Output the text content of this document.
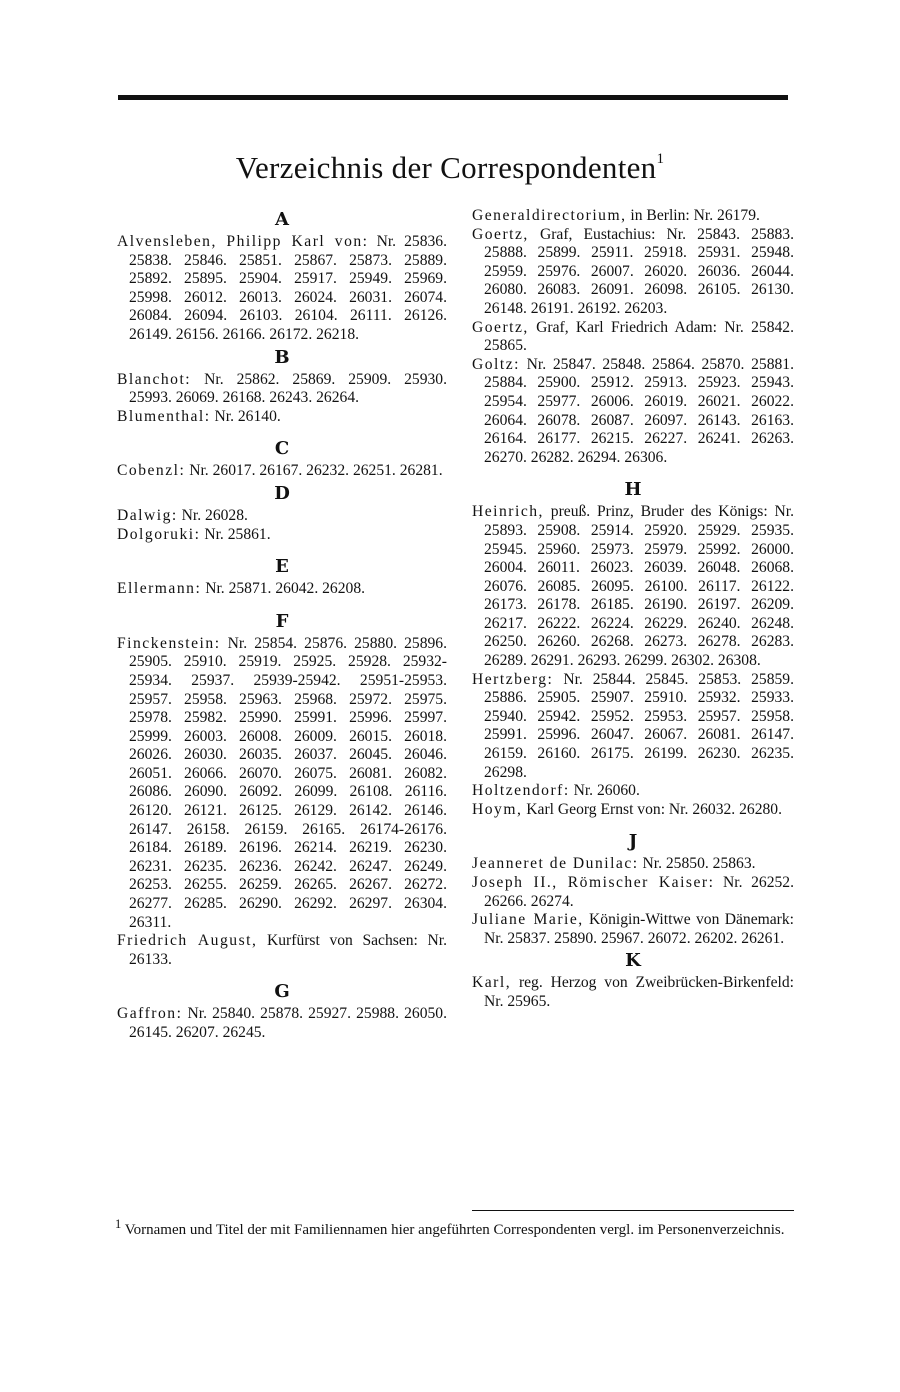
Verzeichnis der Correspondenten$^1$
A
Alvensleben, Philipp Karl von: Nr. 25836. 25838. 25846. 25851. 25867. 25873. 25889. 25892. 25895. 25904. 25917. 25949. 25969. 25998. 26012. 26013. 26024. 26031. 26074. 26084. 26094. 26103. 26104. 26111. 26126. 26149. 26156. 26166. 26172. 26218.
B
Blanchot: Nr. 25862. 25869. 25909. 25930. 25993. 26069. 26168. 26243. 26264.
Blumenthal: Nr. 26140.
C
Cobenzl: Nr. 26017. 26167. 26232. 26251. 26281.
D
Dalwig: Nr. 26028.
Dolgoruki: Nr. 25861.
E
Ellermann: Nr. 25871. 26042. 26208.
F
Finckenstein: Nr. 25854. 25876. 25880. 25896. 25905. 25910. 25919. 25925. 25928. 25932-25934. 25937. 25939-25942. 25951-25953. 25957. 25958. 25963. 25968. 25972. 25975. 25978. 25982. 25990. 25991. 25996. 25997. 25999. 26003. 26008. 26009. 26015. 26018. 26026. 26030. 26035. 26037. 26045. 26046. 26051. 26066. 26070. 26075. 26081. 26082. 26086. 26090. 26092. 26099. 26108. 26116. 26120. 26121. 26125. 26129. 26142. 26146. 26147. 26158. 26159. 26165. 26174-26176. 26184. 26189. 26196. 26214. 26219. 26230. 26231. 26235. 26236. 26242. 26247. 26249. 26253. 26255. 26259. 26265. 26267. 26272. 26277. 26285. 26290. 26292. 26297. 26304. 26311.
Friedrich August, Kurfürst von Sachsen: Nr. 26133.
G
Gaffron: Nr. 25840. 25878. 25927. 25988. 26050. 26145. 26207. 26245.
Generaldirectorium, in Berlin: Nr. 26179.
Goertz, Graf, Eustachius: Nr. 25843. 25883. 25888. 25899. 25911. 25918. 25931. 25948. 25959. 25976. 26007. 26020. 26036. 26044. 26080. 26083. 26091. 26098. 26105. 26130. 26148. 26191. 26192. 26203.
Goertz, Graf, Karl Friedrich Adam: Nr. 25842. 25865.
Goltz: Nr. 25847. 25848. 25864. 25870. 25881. 25884. 25900. 25912. 25913. 25923. 25943. 25954. 25977. 26006. 26019. 26021. 26022. 26064. 26078. 26087. 26097. 26143. 26163. 26164. 26177. 26215. 26227. 26241. 26263. 26270. 26282. 26294. 26306.
H
Heinrich, preuß. Prinz, Bruder des Königs: Nr. 25893. 25908. 25914. 25920. 25929. 25935. 25945. 25960. 25973. 25979. 25992. 26000. 26004. 26011. 26023. 26039. 26048. 26068. 26076. 26085. 26095. 26100. 26117. 26122. 26173. 26178. 26185. 26190. 26197. 26209. 26217. 26222. 26224. 26229. 26240. 26248. 26250. 26260. 26268. 26273. 26278. 26283. 26289. 26291. 26293. 26299. 26302. 26308.
Hertzberg: Nr. 25844. 25845. 25853. 25859. 25886. 25905. 25907. 25910. 25932. 25933. 25940. 25942. 25952. 25953. 25957. 25958. 25991. 25996. 26047. 26067. 26081. 26147. 26159. 26160. 26175. 26199. 26230. 26235. 26298.
Holtzendorf: Nr. 26060.
Hoym, Karl Georg Ernst von: Nr. 26032. 26280.
J
Jeanneret de Dunilac: Nr. 25850. 25863.
Joseph II., Römischer Kaiser: Nr. 26252. 26266. 26274.
Juliane Marie, Königin-Wittwe von Dänemark: Nr. 25837. 25890. 25967. 26072. 26202. 26261.
K
Karl, reg. Herzog von Zweibrücken-Birkenfeld: Nr. 25965.
$^1$ Vornamen und Titel der mit Familiennamen hier angeführten Correspondenten vergl. im Personenverzeichnis.
